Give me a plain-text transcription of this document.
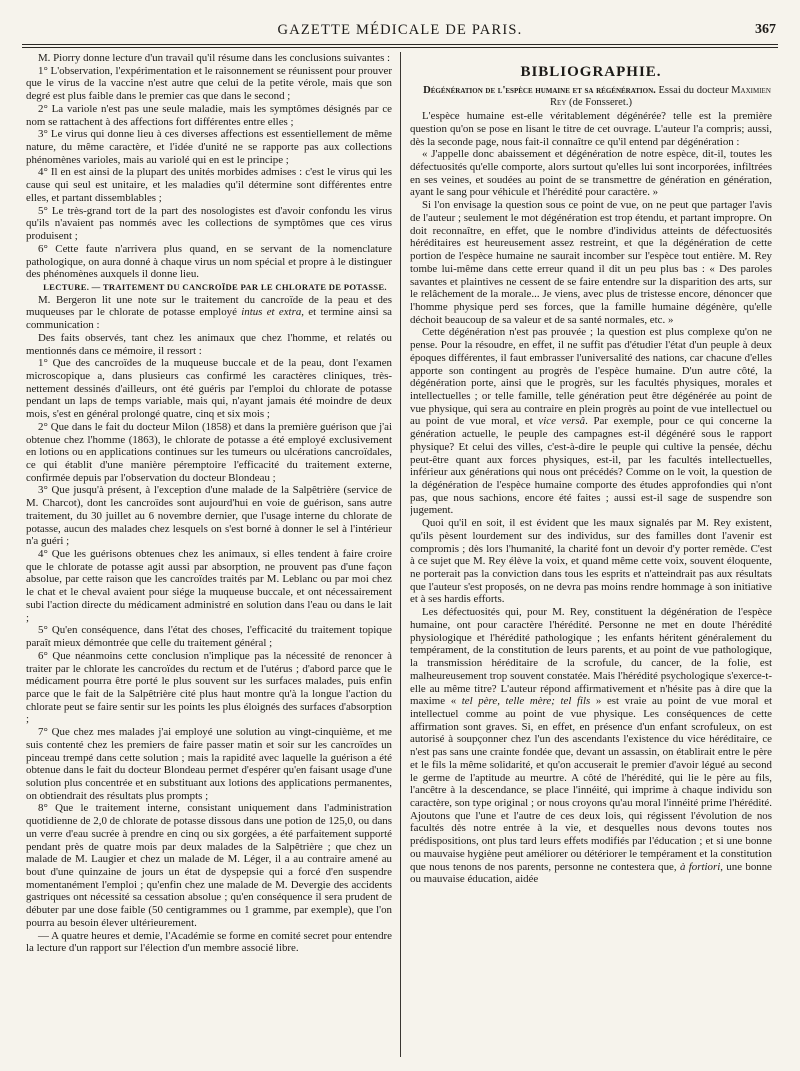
GAZETTE MÉDICALE DE PARIS.	367

M. Piorry donne lecture d'un travail qu'il résume dans les conclusions suivantes :

1° L'observation, l'expérimentation et le raisonnement se réunissent pour prouver que le virus de la vaccine n'est autre que celui de la petite vérole, mais que son degré est plus faible dans le premier cas que dans le second ;

2° La variole n'est pas une seule maladie, mais les symptômes désignés par ce nom se rattachent à des affections fort différentes entre elles ;

3° Le virus qui donne lieu à ces diverses affections est essentiellement de même nature, du même caractère, et l'idée d'unité ne se rapporte pas aux collections phénomènes varioles, mais au variolé qui en est le principe ;

4° Il en est ainsi de la plupart des unités morbides admises : c'est le virus qui les cause qui seul est unitaire, et les maladies qu'il détermine sont différentes entre elles, et partant dissemblables ;

5° Le très-grand tort de la part des nosologistes est d'avoir confondu les virus qu'ils n'avaient pas nommés avec les collections de symptômes que ces virus produisent ;

6° Cette faute n'arrivera plus quand, en se servant de la nomenclature pathologique, on aura donné à chaque virus un nom spécial et propre à le distinguer des phénomènes auxquels il donne lieu.

LECTURE. — TRAITEMENT DU CANCROÏDE PAR LE CHLORATE DE POTASSE.

M. Bergeron lit une note sur le traitement du cancroïde de la peau et des muqueuses par le chlorate de potasse employé intus et extra, et termine ainsi sa communication :

Des faits observés, tant chez les animaux que chez l'homme, et relatés ou mentionnés dans ce mémoire, il ressort :

1° Que des cancroïdes de la muqueuse buccale et de la peau, dont l'examen microscopique a, dans plusieurs cas confirmé les caractères cliniques, très-nettement dessinés d'ailleurs, ont été guéris par l'emploi du chlorate de potasse pendant un laps de temps variable, mais qui, n'ayant jamais été moindre de deux mois, s'est en général prolongé quatre, cinq et six mois ;

2° Que dans le fait du docteur Milon (1858) et dans la première guérison que j'ai obtenue chez l'homme (1863), le chlorate de potasse a été employé exclusivement en lotions ou en applications continues sur les tumeurs ou ulcérations cancroïdales, ce qui établit d'une manière péremptoire l'efficacité du traitement externe, confirmée depuis par l'observation du docteur Blondeau ;

3° Que jusqu'à présent, à l'exception d'une malade de la Salpêtrière (service de M. Charcot), dont les cancroïdes sont aujourd'hui en voie de guérison, sans autre traitement, du 30 juillet au 6 novembre dernier, que l'usage interne du chlorate de potasse, aucun des malades chez lesquels on s'est borné à donner le sel à l'intérieur n'a guéri ;

4° Que les guérisons obtenues chez les animaux, si elles tendent à faire croire que le chlorate de potasse agit aussi par absorption, ne prouvent pas d'une façon absolue, par cette raison que les cancroïdes traités par M. Leblanc ou par moi chez le chat et le cheval avaient pour siége la muqueuse buccale, et ont nécessairement subi l'action directe du médicament administré en solution dans l'eau ou dans le lait ;

5° Qu'en conséquence, dans l'état des choses, l'efficacité du traitement topique paraît mieux démontrée que celle du traitement général ;

6° Que néanmoins cette conclusion n'implique pas la nécessité de renoncer à traiter par le chlorate les cancroïdes du rectum et de l'utérus ; d'abord parce que le médicament pourra être porté le plus souvent sur les surfaces malades, puis enfin parce que le fait de la Salpêtrière cité plus haut montre qu'à la longue l'action du chlorate peut se faire sentir sur les points les plus éloignés des surfaces d'absorption ;

7° Que chez mes malades j'ai employé une solution au vingt-cinquième, et me suis contenté chez les premiers de faire passer matin et soir sur les cancroïdes un pinceau trempé dans cette solution ; mais la rapidité avec laquelle la guérison a été obtenue dans le fait du docteur Blondeau permet d'espérer qu'en faisant usage d'une solution plus concentrée et en substituant aux lotions des applications permanentes, on obtiendrait des résultats plus prompts ;

8° Que le traitement interne, consistant uniquement dans l'administration quotidienne de 2,0 de chlorate de potasse dissous dans une potion de 125,0, ou dans un verre d'eau sucrée à prendre en cinq ou six gorgées, a été parfaitement supporté pendant près de quatre mois par deux malades de la Salpêtrière ; que chez un malade de M. Laugier et chez un malade de M. Léger, il a au contraire amené au bout d'une quinzaine de jours un état de dyspepsie qui a forcé d'en suspendre momentanément l'emploi ; qu'enfin chez une malade de M. Devergie des accidents gastriques ont nécessité sa cessation absolue ; qu'en conséquence il sera prudent de débuter par une dose faible (50 centigrammes ou 1 gramme, par exemple), que l'on pourra au besoin élever ultérieurement.

— A quatre heures et demie, l'Académie se forme en comité secret pour entendre la lecture d'un rapport sur l'élection d'un membre associé libre.

BIBLIOGRAPHIE.

Dégénération de l'espèce humaine et sa régénération. Essai du docteur Maximien Rey (de Fonsseret.)

L'espèce humaine est-elle véritablement dégénérée? telle est la première question qu'on se pose en lisant le titre de cet ouvrage. L'auteur l'a compris; aussi, dès la seconde page, nous fait-il connaître ce qu'il entend par dégénération :

« J'appelle donc abaissement et dégénération de notre espèce, dit-il, toutes les défectuosités qu'elle comporte, alors surtout qu'elles lui sont incorporées, infiltrées en ses veines, et soudées au point de se transmettre de génération en génération, ayant le sang pour véhicule et l'hérédité pour caractère. »

Si l'on envisage la question sous ce point de vue, on ne peut que partager l'avis de l'auteur ; seulement le mot dégénération est trop étendu, et partant impropre. On doit reconnaître, en effet, que le nombre d'individus atteints de défectuosités héréditaires est heureusement assez restreint, et que la dégénération de cette portion de l'espèce humaine ne saurait incomber sur l'espèce tout entière. M. Rey tombe lui-même dans cette erreur quand il dit un peu plus bas : « Des paroles savantes et plaintives ne cessent de se faire entendre sur la disparition des arts, sur le relâchement de la morale... Je viens, avec plus de tristesse encore, dénoncer que l'homme physique perd ses forces, que la famille humaine dégénère, qu'elle déchoit beaucoup de sa valeur et de sa santé normales, etc. »

Cette dégénération n'est pas prouvée ; la question est plus complexe qu'on ne pense. Pour la résoudre, en effet, il ne suffit pas d'étudier l'état d'un peuple à deux époques différentes, il faut embrasser l'universalité des nations, car chacune d'elles apporte son contingent au progrès de l'espèce humaine. D'un autre côté, la dégénération porte, ainsi que le progrès, sur les facultés physiques, morales et intellectuelles ; or telle famille, telle génération peut être dégénérée au point de vue physique, qui sera au contraire en plein progrès au point de vue intellectuel ou au point de vue moral, et vice versâ. Par exemple, pour ce qui concerne la génération actuelle, le peuple des campagnes est-il dégénéré sous le rapport physique? Et celui des villes, c'est-à-dire le peuple qui cultive la pensée, déchu peut-être quant aux forces physiques, est-il, par les facultés intellectuelles, inférieur aux générations qui nous ont précédés? Comme on le voit, la question de la dégénération de l'espèce humaine comporte des études approfondies qui n'ont pas, que nous sachions, encore été faites ; aussi est-il sage de suspendre son jugement.

Quoi qu'il en soit, il est évident que les maux signalés par M. Rey existent, qu'ils pèsent lourdement sur des individus, sur des familles dont l'avenir est compromis ; dès lors l'humanité, la charité font un devoir d'y porter remède. C'est à ce sujet que M. Rey élève la voix, et quand même cette voix, souvent éloquente, ne porterait pas la conviction dans tous les esprits et n'atteindrait pas aux résultats que l'auteur s'est proposés, on ne devra pas moins rendre hommage à son initiative et à ses hardis efforts.

Les défectuosités qui, pour M. Rey, constituent la dégénération de l'espèce humaine, ont pour caractère l'hérédité. Personne ne met en doute l'hérédité physiologique et l'hérédité pathologique ; les enfants héritent généralement du tempérament, de la constitution de leurs parents, et au point de vue pathologique, la transmission héréditaire de la scrofule, du cancer, de la folie, est malheureusement trop souvent constatée. Mais l'hérédité psychologique s'exerce-t-elle au même titre? L'auteur répond affirmativement et n'hésite pas à dire que la maxime « tel père, telle mère; tel fils » est vraie au point de vue moral et intellectuel comme au point de vue physique. Les conséquences de cette affirmation sont graves. Si, en effet, en présence d'un enfant scrofuleux, on est autorisé à soupçonner chez l'un des ascendants l'existence du vice héréditaire, ce n'est pas sans une crainte fondée que, devant un assassin, on établirait entre le père et le fils la même solidarité, et qu'on accuserait le premier d'avoir légué au second le germe de l'aptitude au meurtre. A côté de l'hérédité, qui lie le père au fils, l'ancêtre à la descendance, se place l'innéité, qui imprime à chaque individu son caractère, son type original ; or nous croyons qu'au moral l'innéité prime l'hérédité. Ajoutons que l'une et l'autre de ces deux lois, qui régissent l'évolution de nos facultés dès notre entrée à la vie, et desquelles nous devons toutes nos prédispositions, ont plus tard leurs effets modifiés par l'éducation ; et si une bonne ou mauvaise hygiène peut améliorer ou détériorer le tempérament et la constitution que nous tenons de nos parents, personne ne contestera que, à fortiori, une bonne ou mauvaise éducation, aidée
